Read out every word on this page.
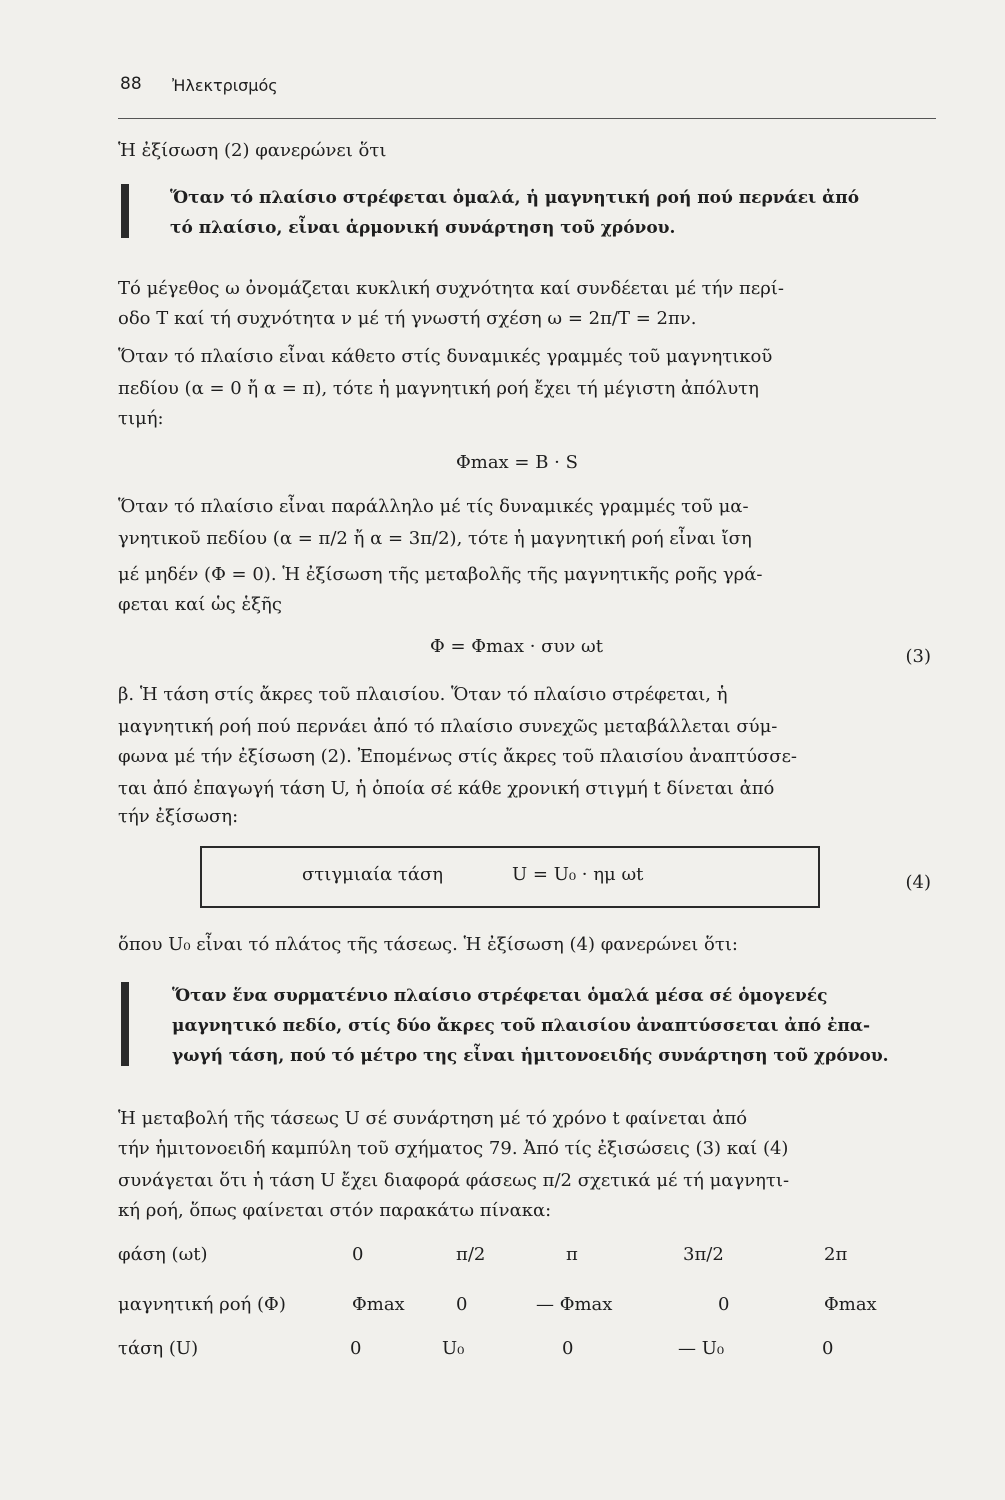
88 Ἠλεκτρισμός
Ἡ ἐξίσωση (2) φανερώνει ὅτι
Ὅταν τό πλαίσιο στρέφεται ὁμαλά, ἡ μαγνητική ροή πού περνάει ἀπό
τό πλαίσιο, εἶναι ἁρμονική συνάρτηση τοῦ χρόνου.
Τό μέγεθος ω ὀνομάζεται κυκλική συχνότητα καί συνδέεται μέ τήν περί-
οδο Τ καί τή συχνότητα ν μέ τή γνωστή σχέση ω = 2π/Τ = 2πν.
Ὅταν τό πλαίσιο εἶναι κάθετο στίς δυναμικές γραμμές τοῦ μαγνητικοῦ
πεδίου (α = 0 ἤ α = π), τότε ἡ μαγνητική ροή ἔχει τή μέγιστη ἀπόλυτη
τιμή:
Φmax = B · S
Ὅταν τό πλαίσιο εἶναι παράλληλο μέ τίς δυναμικές γραμμές τοῦ μα-
γνητικοῦ πεδίου (α = π/2 ἤ α = 3π/2), τότε ἡ μαγνητική ροή εἶναι ἴση
μέ μηδέν (Φ = 0). Ἡ ἐξίσωση τῆς μεταβολῆς τῆς μαγνητικῆς ροῆς γρά-
φεται καί ὡς ἑξῆς
Φ = Φmax · συν ωt	(3)
β. Ἡ τάση στίς ἄκρες τοῦ πλαισίου. Ὅταν τό πλαίσιο στρέφεται, ἡ
μαγνητική ροή πού περνάει ἀπό τό πλαίσιο συνεχῶς μεταβάλλεται σύμ-
φωνα μέ τήν ἐξίσωση (2). Ἐπομένως στίς ἄκρες τοῦ πλαισίου ἀναπτύσσε-
ται ἀπό ἐπαγωγή τάση U, ἡ ὁποία σέ κάθε χρονική στιγμή t δίνεται ἀπό
τήν ἐξίσωση:
στιγμιαία τάση	U = U₀ · ημ ωt	(4)
ὅπου U₀ εἶναι τό πλάτος τῆς τάσεως. Ἡ ἐξίσωση (4) φανερώνει ὅτι:
Ὅταν ἕνα συρματένιο πλαίσιο στρέφεται ὁμαλά μέσα σέ ὁμογενές
μαγνητικό πεδίο, στίς δύο ἄκρες τοῦ πλαισίου ἀναπτύσσεται ἀπό ἐπα-
γωγή τάση, πού τό μέτρο της εἶναι ἡμιτονοειδής συνάρτηση τοῦ χρόνου.
Ἡ μεταβολή τῆς τάσεως U σέ συνάρτηση μέ τό χρόνο t φαίνεται ἀπό
τήν ἡμιτονοειδή καμπύλη τοῦ σχήματος 79. Ἀπό τίς ἐξισώσεις (3) καί (4)
συνάγεται ὅτι ἡ τάση U ἔχει διαφορά φάσεως π/2 σχετικά μέ τή μαγνητι-
κή ροή, ὅπως φαίνεται στόν παρακάτω πίνακα:
φάση (ωt)	0	π/2	π	3π/2	2π
μαγνητική ροή (Φ)	Φmax	0	— Φmax	0	Φmax
τάση (U)	0	U₀	0	— U₀	0
